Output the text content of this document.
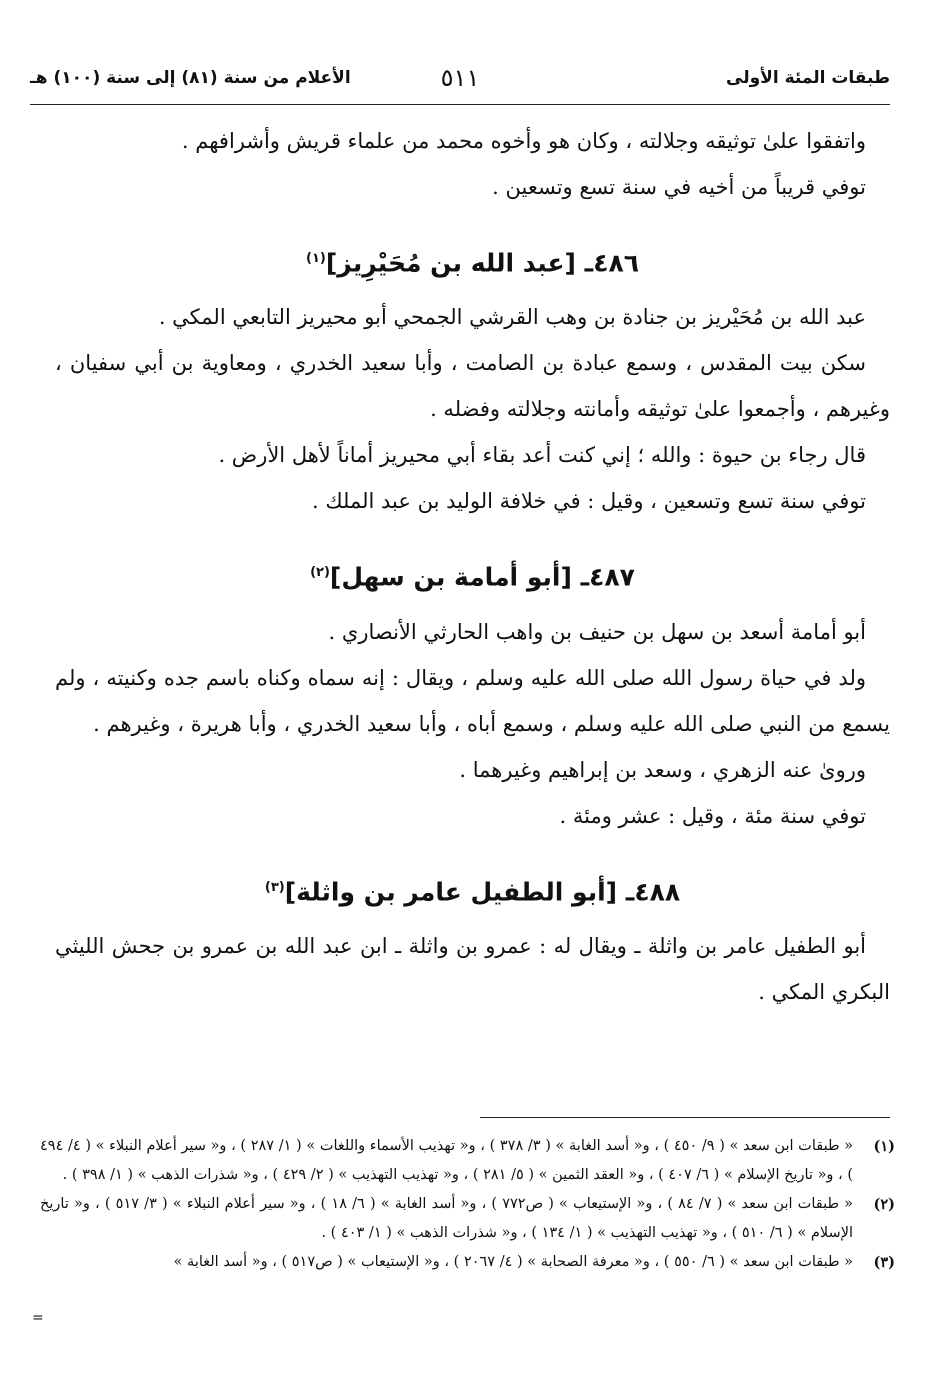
طبقات المئة الأولى
٥١١
الأعلام من سنة (٨١) إلى سنة (١٠٠) هـ

واتفقوا علىٰ توثيقه وجلالته ، وكان هو وأخوه محمد من علماء قريش وأشرافهم .

توفي قريباً من أخيه في سنة تسع وتسعين .

٤٨٦ـ [عبد الله بن مُحَيْرِيز]$^{(١)}$

عبد الله بن مُحَيْريز بن جنادة بن وهب القرشي الجمحي أبو محيريز التابعي المكي .

سكن بيت المقدس ، وسمع عبادة بن الصامت ، وأبا سعيد الخدري ، ومعاوية بن أبي سفيان ، وغيرهم ، وأجمعوا علىٰ توثيقه وأمانته وجلالته وفضله .

قال رجاء بن حيوة : والله ؛ إني كنت أعد بقاء أبي محيريز أماناً لأهل الأرض .

توفي سنة تسع وتسعين ، وقيل : في خلافة الوليد بن عبد الملك .

٤٨٧ـ [أبو أمامة بن سهل]$^{(٢)}$

أبو أمامة أسعد بن سهل بن حنيف بن واهب الحارثي الأنصاري .

ولد في حياة رسول الله صلى الله عليه وسلم ، ويقال : إنه سماه وكناه باسم جده وكنيته ، ولم يسمع من النبي صلى الله عليه وسلم ، وسمع أباه ، وأبا سعيد الخدري ، وأبا هريرة ، وغيرهم .

وروىٰ عنه الزهري ، وسعد بن إبراهيم وغيرهما .

توفي سنة مئة ، وقيل : عشر ومئة .

٤٨٨ـ [أبو الطفيل عامر بن واثلة]$^{(٣)}$

أبو الطفيل عامر بن واثلة ـ ويقال له : عمرو بن واثلة ـ ابن عبد الله بن عمرو بن جحش الليثي البكري المكي .

(١)
« طبقات ابن سعد » ( ٩/ ٤٥٠ ) ، و« أسد الغابة » ( ٣/ ٣٧٨ ) ، و« تهذيب الأسماء واللغات » ( ١/ ٢٨٧ ) ، و« سير أعلام النبلاء » ( ٤/ ٤٩٤ ) ، و« تاريخ الإسلام » ( ٦/ ٤٠٧ ) ، و« العقد الثمين » ( ٥/ ٢٨١ ) ، و« تهذيب التهذيب » ( ٢/ ٤٢٩ ) ، و« شذرات الذهب » ( ١/ ٣٩٨ ) .
(٢)
« طبقات ابن سعد » ( ٧/ ٨٤ ) ، و« الإستيعاب » ( ص٧٧٢ ) ، و« أسد الغابة » ( ٦/ ١٨ ) ، و« سير أعلام النبلاء » ( ٣/ ٥١٧ ) ، و« تاريخ الإسلام » ( ٦/ ٥١٠ ) ، و« تهذيب التهذيب » ( ١/ ١٣٤ ) ، و« شذرات الذهب » ( ١/ ٤٠٣ ) .
(٣)
« طبقات ابن سعد » ( ٦/ ٥٥٠ ) ، و« معرفة الصحابة » ( ٤/ ٢٠٦٧ ) ، و« الإستيعاب » ( ص٥١٧ ) ، و« أسد الغابة »
=
